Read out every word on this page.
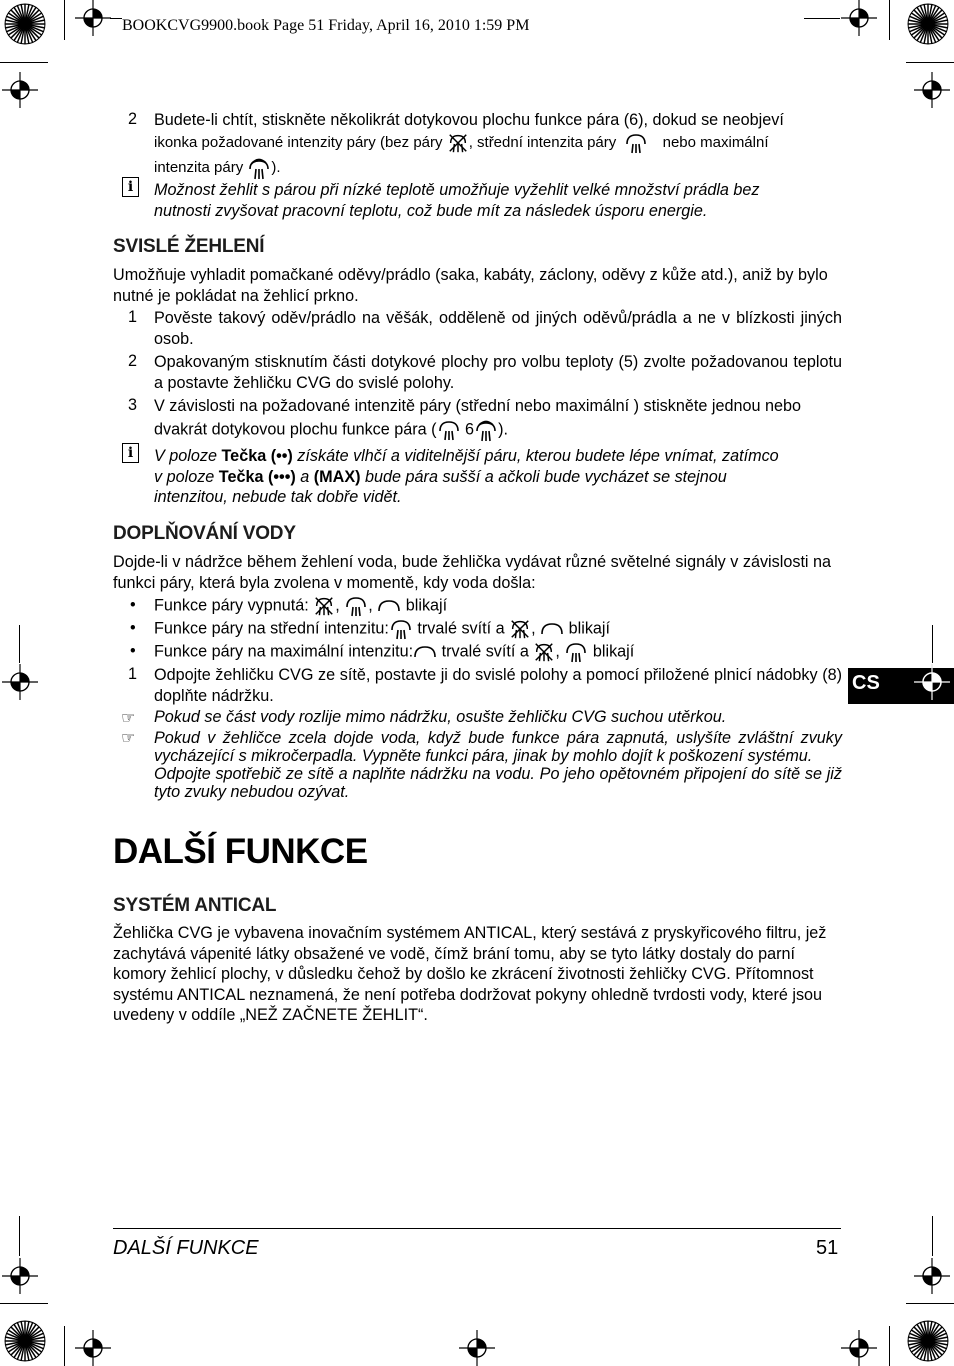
BOOKCVG9900.book Page 51 Friday, April 16, 2010 1:59 PM
2 Budete-li chtít, stiskněte několikrát dotykovou plochu funkce pára (6), dokud se neobjeví
ikonka požadované intenzity páry (bez páry , střední intenzita páry	nebo maximální
intenzita páry ).
i	Možnost žehlit s párou při nízké teplotě umožňuje vyžehlit velké množství prádla bez
nutnosti zvyšovat pracovní teplotu, což bude mít za následek úsporu energie.
SVISLÉ ŽEHLENÍ
Umožňuje vyhladit pomačkané oděvy/prádlo (saka, kabáty, záclony, oděvy z kůže atd.), aniž by bylo nutné je pokládat na žehlicí prkno.
1 Pověste takový oděv/prádlo na věšák, odděleně od jiných oděvů/prádla a ne v blízkosti jiných osob.
2 Opakovaným stisknutím části dotykové plochy pro volbu teploty (5) zvolte požadovanou teplotu a postavte žehličku CVG do svislé polohy.
3 V závislosti na požadované intenzitě páry (střední nebo maximální ) stiskněte jednou nebo
dvakrát dotykovou plochu funkce pára ( 6 ).
i	V poloze Tečka (••) získáte vlhčí a viditelnější páru, kterou budete lépe vnímat, zatímco
v poloze Tečka (•••) a (MAX) bude pára sušší a ačkoli bude vycházet se stejnou
intenzitou, nebude tak dobře vidět.
DOPLŇOVÁNÍ VODY
Dojde-li v nádržce během žehlení voda, bude žehlička vydávat různé světelné signály v závislosti na funkci páry, která byla zvolena v momentě, kdy voda došla:
• Funkce páry vypnutá: , , blikají
• Funkce páry na střední intenzitu: trvalé svítí a , blikají
• Funkce páry na maximální intenzitu: trvalé svítí a , blikají
1 Odpojte žehličku CVG ze sítě, postavte ji do svislé polohy a pomocí přiložené plnicí nádobky (8) doplňte nádržku.
☞ Pokud se část vody rozlije mimo nádržku, osušte žehličku CVG suchou utěrkou.
☞ Pokud v žehličce zcela dojde voda, když bude funkce pára zapnutá, uslyšíte zvláštní zvuky vycházející s mikročerpadla. Vypněte funkci pára, jinak by mohlo dojít k poškození systému.
Odpojte spotřebič ze sítě a naplňte nádržku na vodu. Po jeho opětovném připojení do sítě se již tyto zvuky nebudou ozývat.
DALŠÍ FUNKCE
SYSTÉM ANTICAL
Žehlička CVG je vybavena inovačním systémem ANTICAL, který sestává z pryskyřicového filtru, jež zachytává vápenité látky obsažené ve vodě, čímž brání tomu, aby se tyto látky dostaly do parní komory žehlicí plochy, v důsledku čehož by došlo ke zkrácení životnosti žehličky CVG. Přítomnost systému ANTICAL neznamená, že není potřeba dodržovat pokyny ohledně tvrdosti vody, které jsou uvedeny v oddíle „NEŽ ZAČNETE ŽEHLIT“.
CS
DALŠÍ FUNKCE	51
